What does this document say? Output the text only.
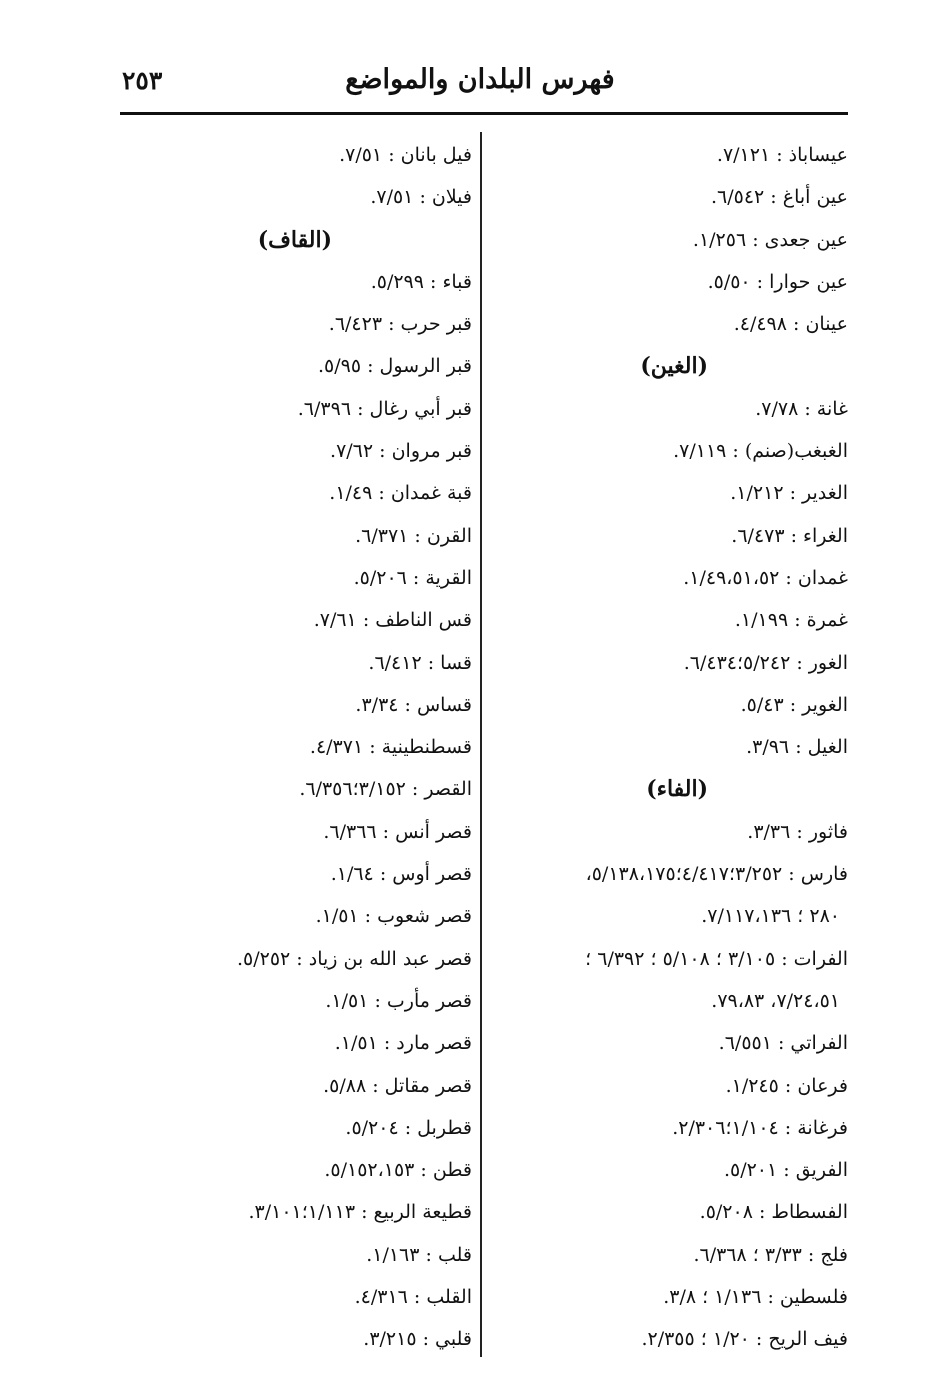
٢٥٣	فهرس البلدان والمواضع
عيساباذ : ٧/١٢١.
عين أباغ : ٦/٥٤٢.
عين جعدى : ١/٢٥٦.
عين حوارا : ٥/٥٠.
عينان : ٤/٤٩٨.
(الغين)
غانة : ٧/٧٨.
الغبغب(صنم) : ٧/١١٩.
الغدير : ١/٢١٢.
الغراء : ٦/٤٧٣.
غمدان : ١/٤٩،٥١،٥٢.
غمرة : ١/١٩٩.
الغور : ٥/٢٤٢؛٦/٤٣٤.
الغوير : ٥/٤٣.
الغيل : ٣/٩٦.
(الفاء)
فاثور : ٣/٣٦.
فارس : ٣/٢٥٢؛٤/٤١٧؛٥/١٣٨،١٧٥،
٢٨٠ ؛ ٧/١١٧،١٣٦.
الفرات : ٣/١٠٥ ؛ ٥/١٠٨ ؛ ٦/٣٩٢ ؛
٧/٢٤،٥١، ٧٩،٨٣.
الفراتي : ٦/٥٥١.
فرعان : ١/٢٤٥.
فرغانة : ١/١٠٤؛٢/٣٠٦.
الفريق : ٥/٢٠١.
الفسطاط : ٥/٢٠٨.
فلج : ٣/٣٣ ؛ ٦/٣٦٨.
فلسطين : ١/١٣٦ ؛ ٣/٨.
فيف الريح : ١/٢٠ ؛ ٢/٣٥٥.
فيل بانان : ٧/٥١.
فيلان : ٧/٥١.
(القاف)
قباء : ٥/٢٩٩.
قبر حرب : ٦/٤٢٣.
قبر الرسول : ٥/٩٥.
قبر أبي رغال : ٦/٣٩٦.
قبر مروان : ٧/٦٢.
قبة غمدان : ١/٤٩.
القرن : ٦/٣٧١.
القرية : ٥/٢٠٦.
قس الناطف : ٧/٦١.
قسا : ٦/٤١٢.
قساس : ٣/٣٤.
قسطنطينية : ٤/٣٧١.
القصر : ٣/١٥٢؛٦/٣٥٦.
قصر أنس : ٦/٣٦٦.
قصر أوس : ١/٦٤.
قصر شعوب : ١/٥١.
قصر عبد الله بن زياد : ٥/٢٥٢.
قصر مأرب : ١/٥١.
قصر مارد : ١/٥١.
قصر مقاتل : ٥/٨٨.
قطربل : ٥/٢٠٤.
قطن : ٥/١٥٢،١٥٣.
قطيعة الربيع : ١/١١٣؛٣/١٠١.
قلب : ١/١٦٣.
القلب : ٤/٣١٦.
قلبي : ٣/٢١٥.
